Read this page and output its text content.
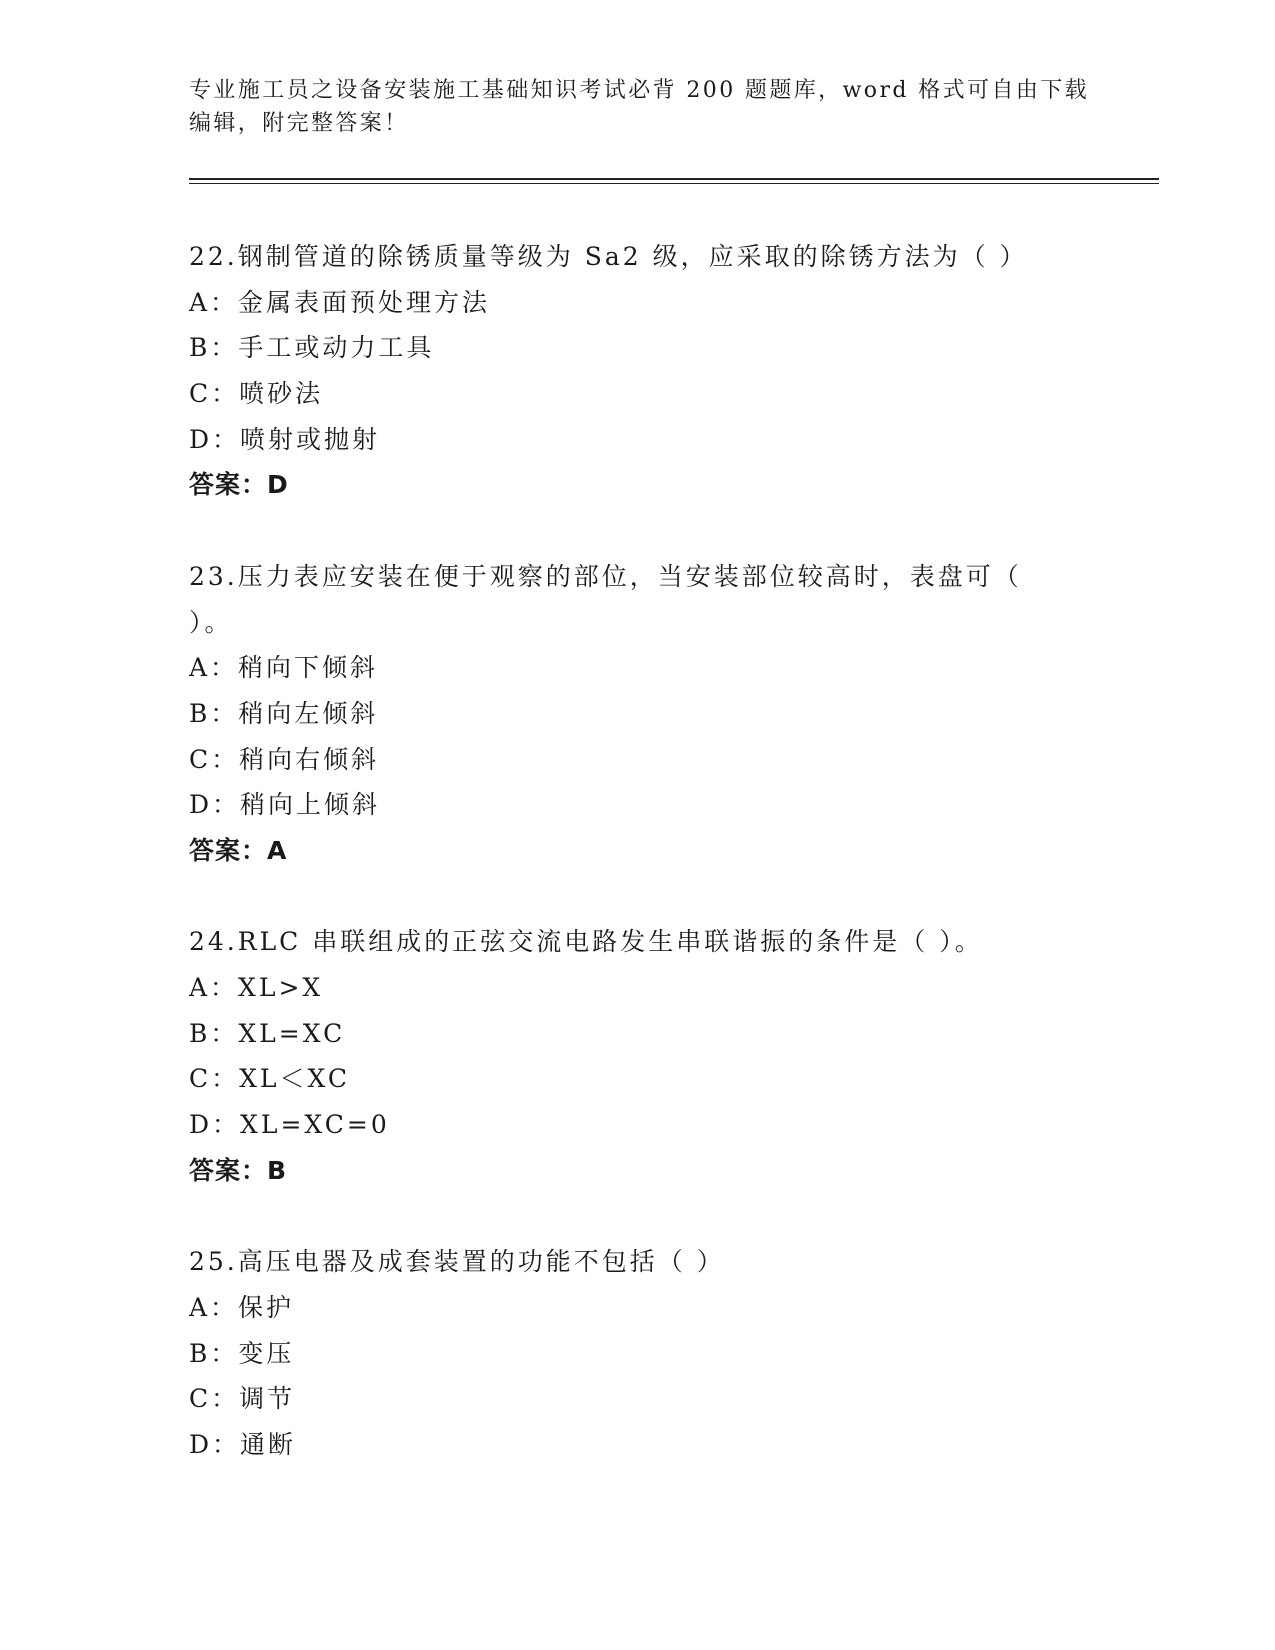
专业施工员之设备安装施工基础知识考试必背 200 题题库，word 格式可自由下载
编辑，附完整答案！
22.钢制管道的除锈质量等级为 Sa2 级，应采取的除锈方法为（ ）
A：金属表面预处理方法
B：手工或动力工具
C：喷砂法
D：喷射或抛射
答案：D
23.压力表应安装在便于观察的部位，当安装部位较高时，表盘可（
）。
A：稍向下倾斜
B：稍向左倾斜
C：稍向右倾斜
D：稍向上倾斜
答案：A
24.RLC 串联组成的正弦交流电路发生串联谐振的条件是（ ）。
A：XL>X
B：XL=XC
C：XL＜XC
D：XL=XC=0
答案：B
25.高压电器及成套装置的功能不包括（ ）
A：保护
B：变压
C：调节
D：通断
